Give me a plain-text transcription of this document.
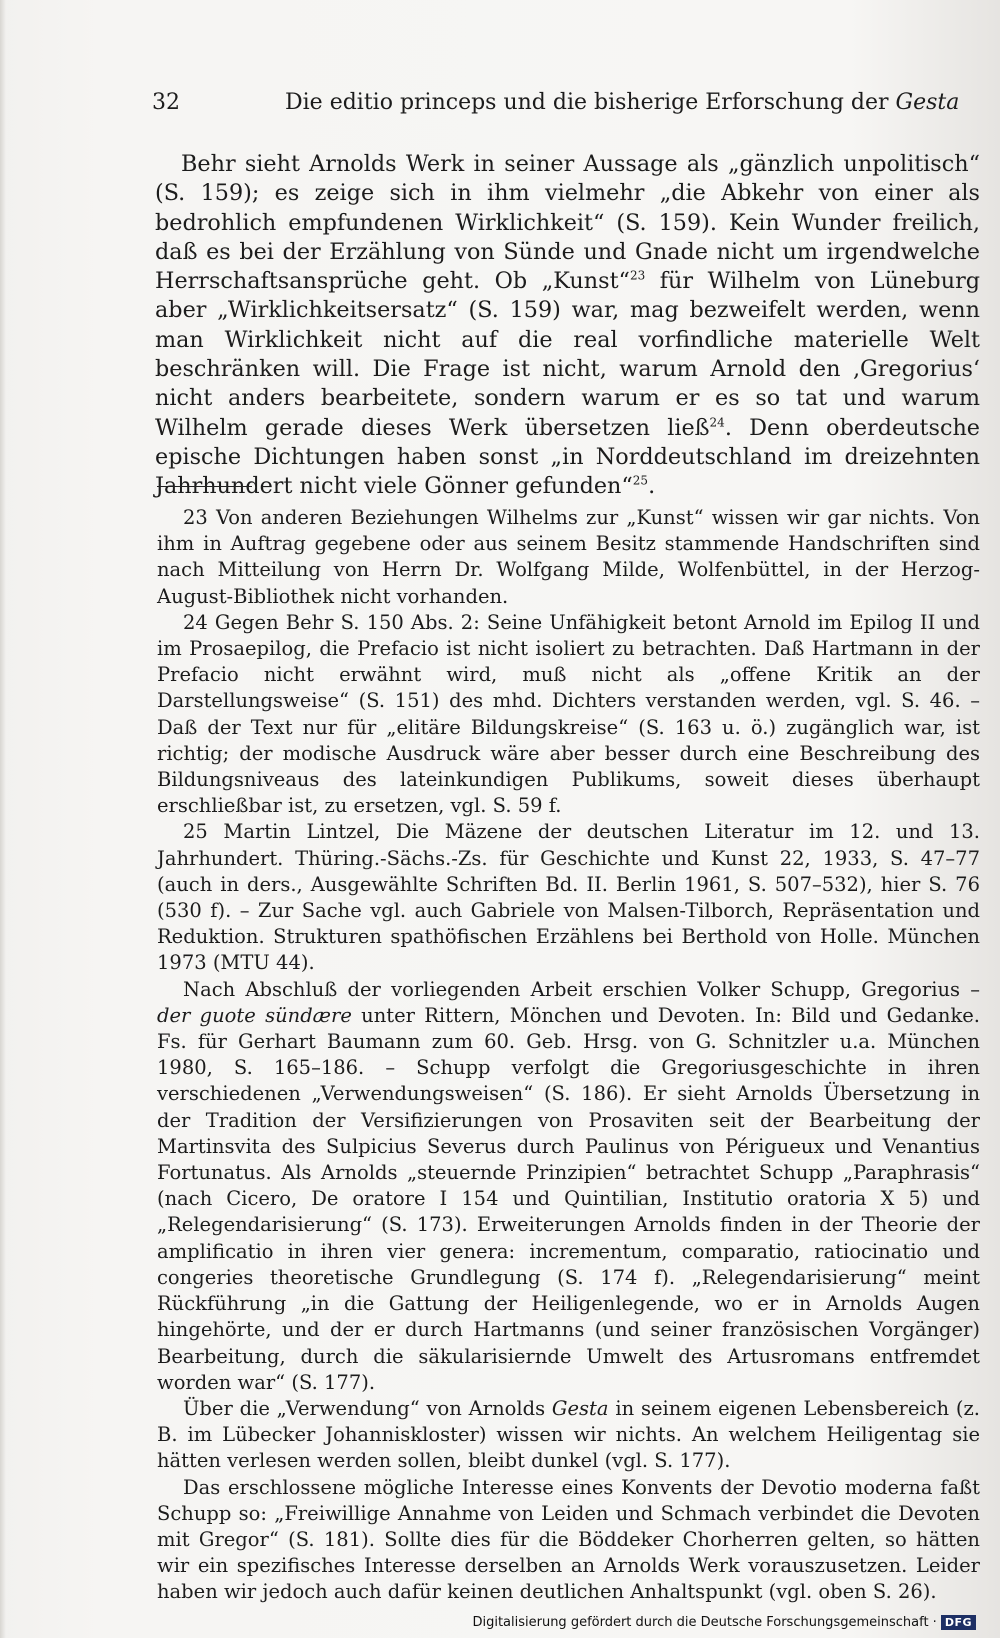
32	Die editio princeps und die bisherige Erforschung der Gesta

Behr sieht Arnolds Werk in seiner Aussage als „gänzlich unpolitisch“ (S. 159); es zeige sich in ihm vielmehr „die Abkehr von einer als bedrohlich empfundenen Wirklichkeit“ (S. 159). Kein Wunder freilich, daß es bei der Erzählung von Sünde und Gnade nicht um irgendwelche Herrschaftsansprüche geht. Ob „Kunst“$^{23}$ für Wilhelm von Lüneburg aber „Wirklichkeitsersatz“ (S. 159) war, mag bezweifelt werden, wenn man Wirklichkeit nicht auf die real vorfindliche materielle Welt beschränken will. Die Frage ist nicht, warum Arnold den ‚Gregorius‘ nicht anders bearbeitete, sondern warum er es so tat und warum Wilhelm gerade dieses Werk übersetzen ließ$^{24}$. Denn oberdeutsche epische Dichtungen haben sonst „in Norddeutschland im dreizehnten Jahrhundert nicht viele Gönner gefunden“$^{25}$.

23 Von anderen Beziehungen Wilhelms zur „Kunst“ wissen wir gar nichts. Von ihm in Auftrag gegebene oder aus seinem Besitz stammende Handschriften sind nach Mitteilung von Herrn Dr. Wolfgang Milde, Wolfenbüttel, in der Herzog-August-Bibliothek nicht vorhanden.

24 Gegen Behr S. 150 Abs. 2: Seine Unfähigkeit betont Arnold im Epilog II und im Prosaepilog, die Prefacio ist nicht isoliert zu betrachten. Daß Hartmann in der Prefacio nicht erwähnt wird, muß nicht als „offene Kritik an der Darstellungsweise“ (S. 151) des mhd. Dichters verstanden werden, vgl. S. 46. – Daß der Text nur für „elitäre Bildungskreise“ (S. 163 u. ö.) zugänglich war, ist richtig; der modische Ausdruck wäre aber besser durch eine Beschreibung des Bildungsniveaus des lateinkundigen Publikums, soweit dieses überhaupt erschließbar ist, zu ersetzen, vgl. S. 59 f.

25 Martin Lintzel, Die Mäzene der deutschen Literatur im 12. und 13. Jahrhundert. Thüring.-Sächs.-Zs. für Geschichte und Kunst 22, 1933, S. 47–77 (auch in ders., Ausgewählte Schriften Bd. II. Berlin 1961, S. 507–532), hier S. 76 (530 f). – Zur Sache vgl. auch Gabriele von Malsen-Tilborch, Repräsentation und Reduktion. Strukturen spathöfischen Erzählens bei Berthold von Holle. München 1973 (MTU 44).

Nach Abschluß der vorliegenden Arbeit erschien Volker Schupp, Gregorius – der guote sündære unter Rittern, Mönchen und Devoten. In: Bild und Gedanke. Fs. für Gerhart Baumann zum 60. Geb. Hrsg. von G. Schnitzler u.a. München 1980, S. 165–186. – Schupp verfolgt die Gregoriusgeschichte in ihren verschiedenen „Verwendungsweisen“ (S. 186). Er sieht Arnolds Übersetzung in der Tradition der Versifizierungen von Prosaviten seit der Bearbeitung der Martinsvita des Sulpicius Severus durch Paulinus von Périgueux und Venantius Fortunatus. Als Arnolds „steuernde Prinzipien“ betrachtet Schupp „Paraphrasis“ (nach Cicero, De oratore I 154 und Quintilian, Institutio oratoria X 5) und „Relegendarisierung“ (S. 173). Erweiterungen Arnolds finden in der Theorie der amplificatio in ihren vier genera: incrementum, comparatio, ratiocinatio und congeries theoretische Grundlegung (S. 174 f). „Relegendarisierung“ meint Rückführung „in die Gattung der Heiligenlegende, wo er in Arnolds Augen hingehörte, und der er durch Hartmanns (und seiner französischen Vorgänger) Bearbeitung, durch die säkularisiernde Umwelt des Artusromans entfremdet worden war“ (S. 177).

Über die „Verwendung“ von Arnolds Gesta in seinem eigenen Lebensbereich (z. B. im Lübecker Johanniskloster) wissen wir nichts. An welchem Heiligentag sie hätten verlesen werden sollen, bleibt dunkel (vgl. S. 177).

Das erschlossene mögliche Interesse eines Konvents der Devotio moderna faßt Schupp so: „Freiwillige Annahme von Leiden und Schmach verbindet die Devoten mit Gregor“ (S. 181). Sollte dies für die Böddeker Chorherren gelten, so hätten wir ein spezifisches Interesse derselben an Arnolds Werk vorauszusetzen. Leider haben wir jedoch auch dafür keinen deutlichen Anhaltspunkt (vgl. oben S. 26).

Digitalisierung gefördert durch die Deutsche Forschungsgemeinschaft · DFG
